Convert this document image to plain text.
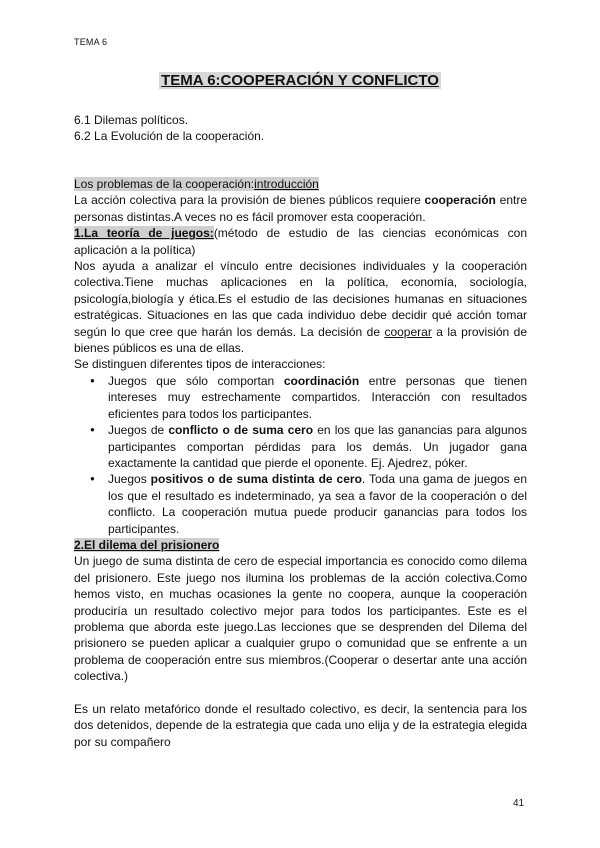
TEMA 6
TEMA 6:COOPERACIÓN Y CONFLICTO
6.1 Dilemas políticos.
6.2 La Evolución de la cooperación.

Los problemas de la cooperación:introducción

La acción colectiva para la provisión de bienes públicos requiere cooperación entre personas distintas.A veces no es fácil promover esta cooperación.

1.La teoría de juegos:(método de estudio de las ciencias económicas con aplicación a la política)

Nos ayuda a analizar el vínculo entre decisiones individuales y la cooperación colectiva.Tiene muchas aplicaciones en la política, economía, sociología, psicología,biología y ética.Es el estudio de las decisiones humanas en situaciones estratégicas. Situaciones en las que cada individuo debe decidir qué acción tomar según lo que cree que harán los demás. La decisión de cooperar a la provisión de bienes públicos es una de ellas.

Se distinguen diferentes tipos de interacciones:

● Juegos que sólo comportan coordinación entre personas que tienen intereses muy estrechamente compartidos. Interacción con resultados eficientes para todos los participantes.
● Juegos de conflicto o de suma cero en los que las ganancias para algunos participantes comportan pérdidas para los demás. Un jugador gana exactamente la cantidad que pierde el oponente. Ej. Ajedrez, póker.
● Juegos positivos o de suma distinta de cero. Toda una gama de juegos en los que el resultado es indeterminado, ya sea a favor de la cooperación o del conflicto. La cooperación mutua puede producir ganancias para todos los participantes.

2.El dilema del prisionero

Un juego de suma distinta de cero de especial importancia es conocido como dilema del prisionero. Este juego nos ilumina los problemas de la acción colectiva.Como hemos visto, en muchas ocasiones la gente no coopera, aunque la cooperación produciría un resultado colectivo mejor para todos los participantes. Este es el problema que aborda este juego.Las lecciones que se desprenden del Dilema del prisionero se pueden aplicar a cualquier grupo o comunidad que se enfrente a un problema de cooperación entre sus miembros.(Cooperar o desertar ante una acción colectiva.)

Es un relato metafórico donde el resultado colectivo, es decir, la sentencia para los dos detenidos, depende de la estrategia que cada uno elija y de la estrategia elegida por su compañero

41
